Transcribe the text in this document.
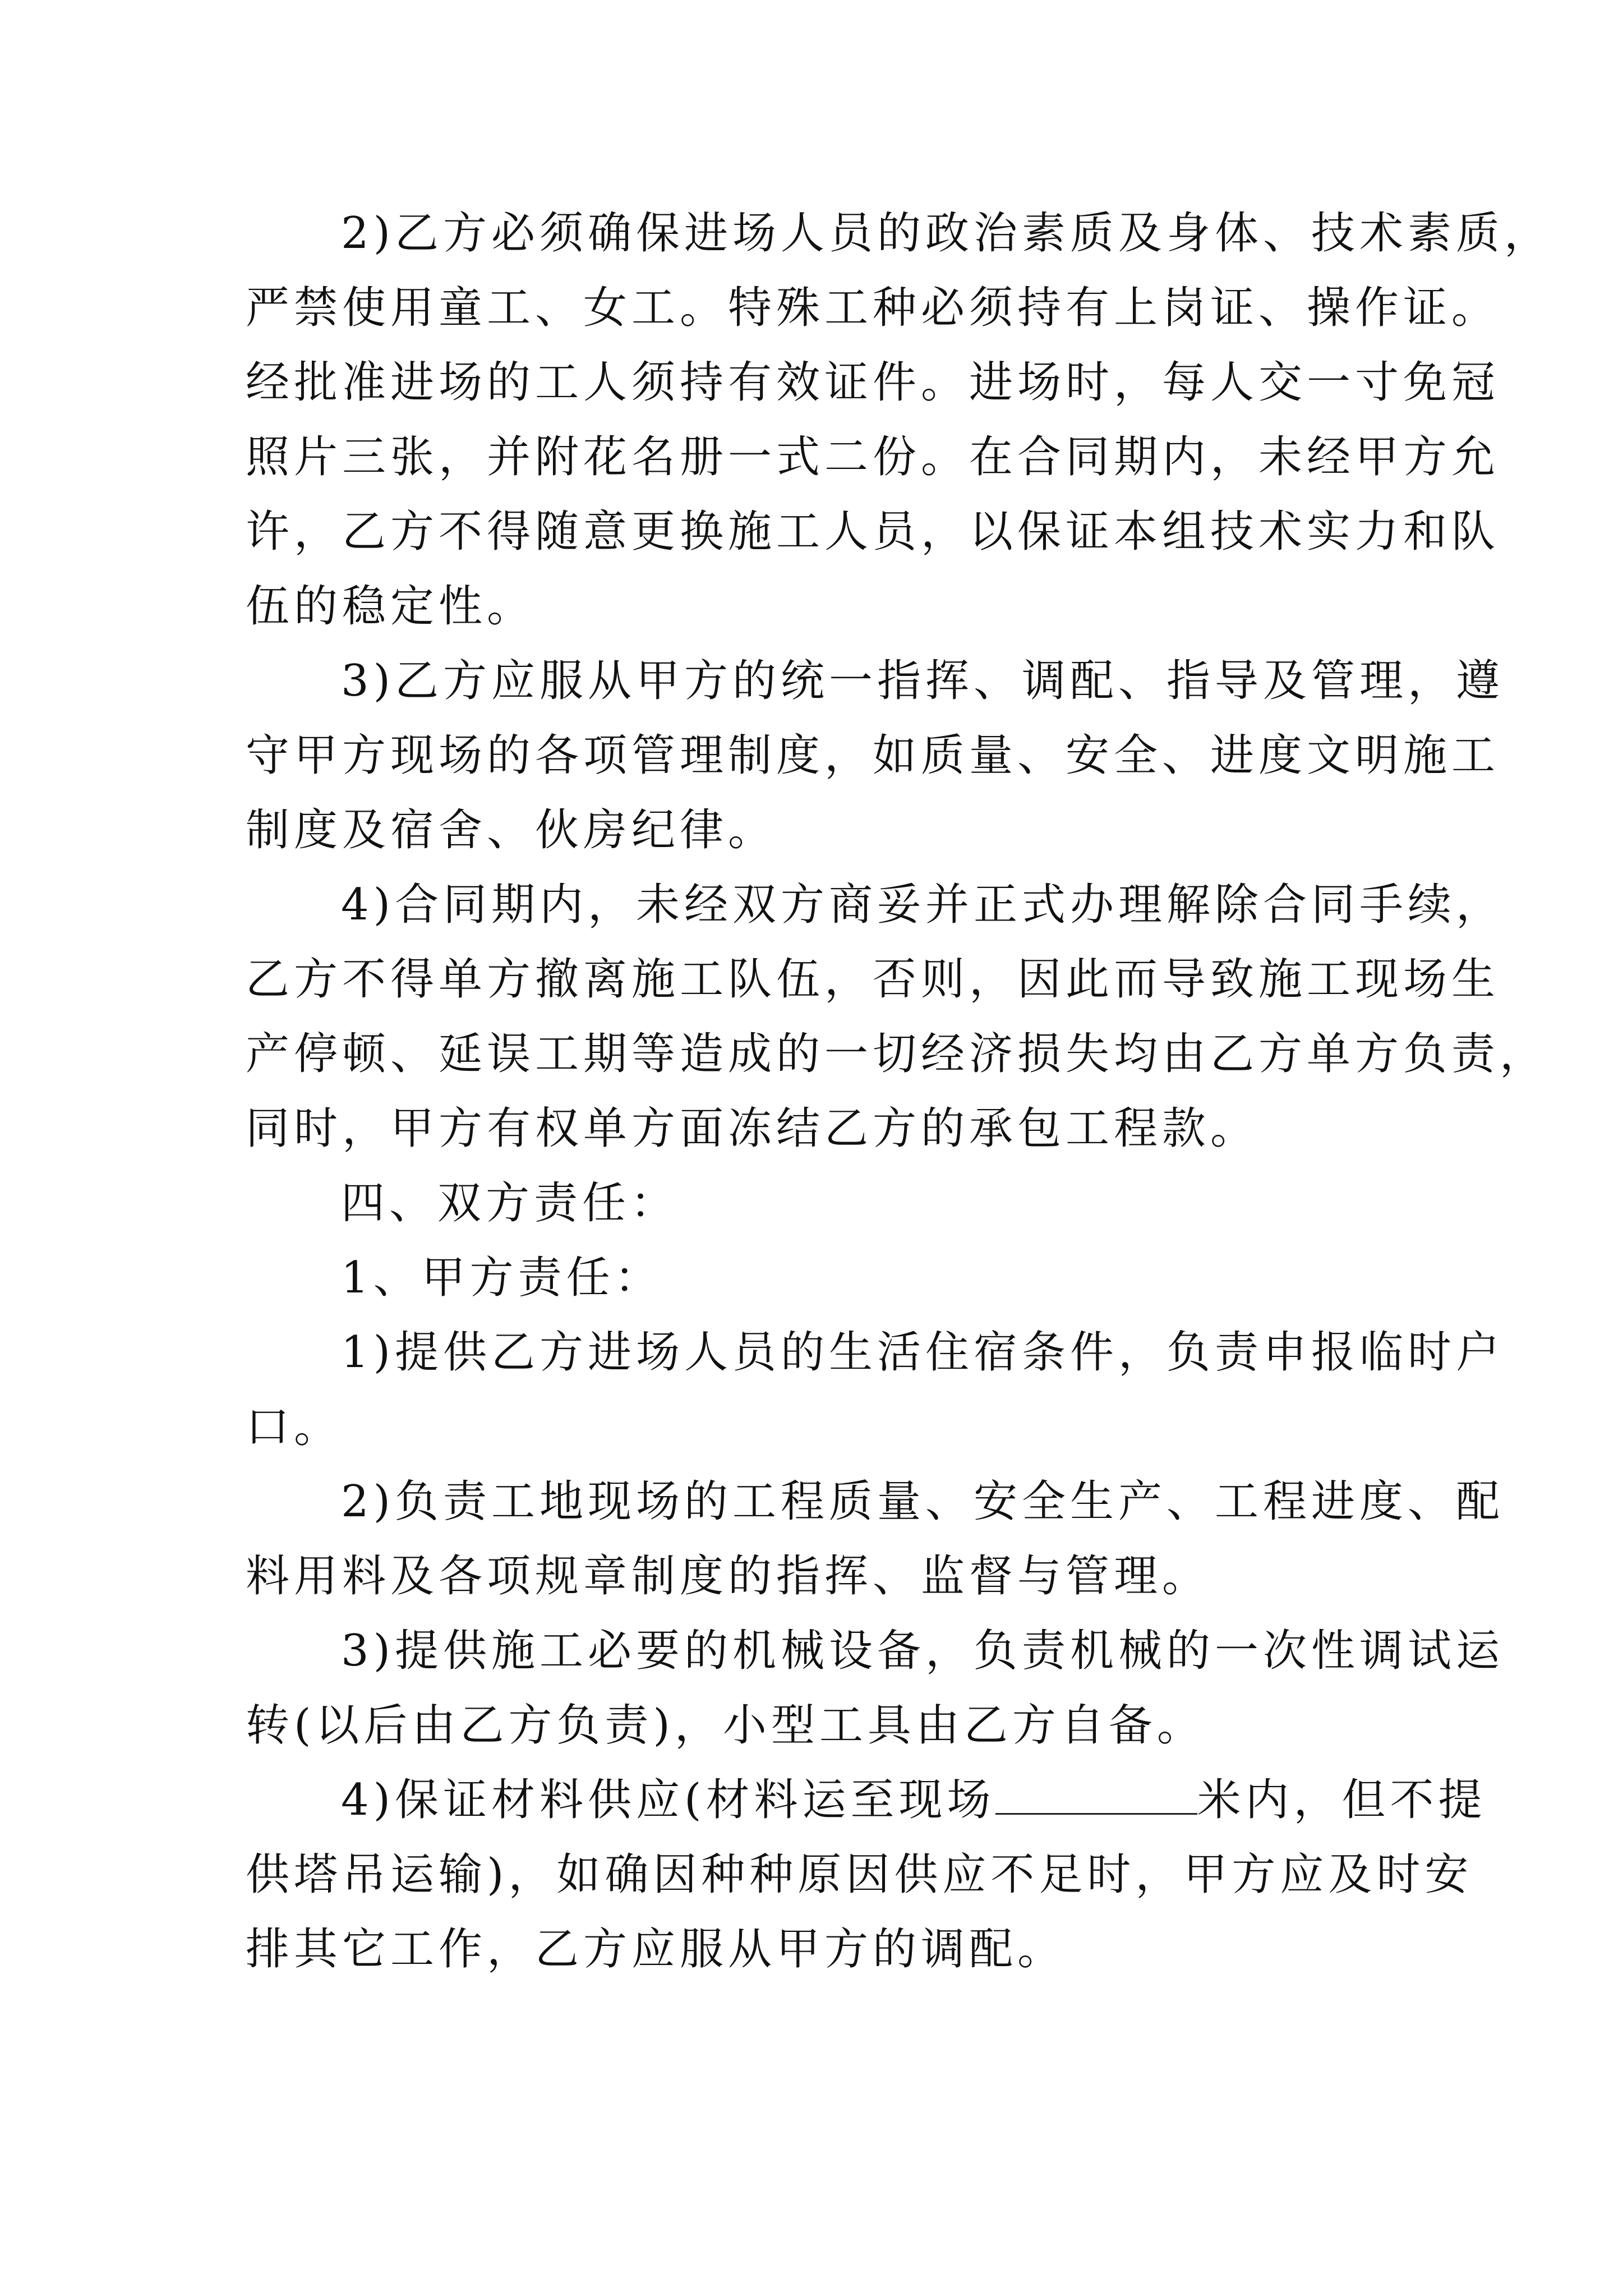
2)乙方必须确保进场人员的政治素质及身体、技术素质，
严禁使用童工、女工。特殊工种必须持有上岗证、操作证。
经批准进场的工人须持有效证件。进场时，每人交一寸免冠
照片三张，并附花名册一式二份。在合同期内，未经甲方允
许，乙方不得随意更换施工人员，以保证本组技术实力和队
伍的稳定性。
3)乙方应服从甲方的统一指挥、调配、指导及管理，遵
守甲方现场的各项管理制度，如质量、安全、进度文明施工
制度及宿舍、伙房纪律。
4)合同期内，未经双方商妥并正式办理解除合同手续，
乙方不得单方撤离施工队伍，否则，因此而导致施工现场生
产停顿、延误工期等造成的一切经济损失均由乙方单方负责，
同时，甲方有权单方面冻结乙方的承包工程款。
四、双方责任：
1、甲方责任：
1)提供乙方进场人员的生活住宿条件，负责申报临时户
口。
2)负责工地现场的工程质量、安全生产、工程进度、配
料用料及各项规章制度的指挥、监督与管理。
3)提供施工必要的机械设备，负责机械的一次性调试运
转(以后由乙方负责)，小型工具由乙方自备。
4)保证材料供应(材料运至现场	米内，但不提
供塔吊运输)，如确因种种原因供应不足时，甲方应及时安
排其它工作，乙方应服从甲方的调配。
